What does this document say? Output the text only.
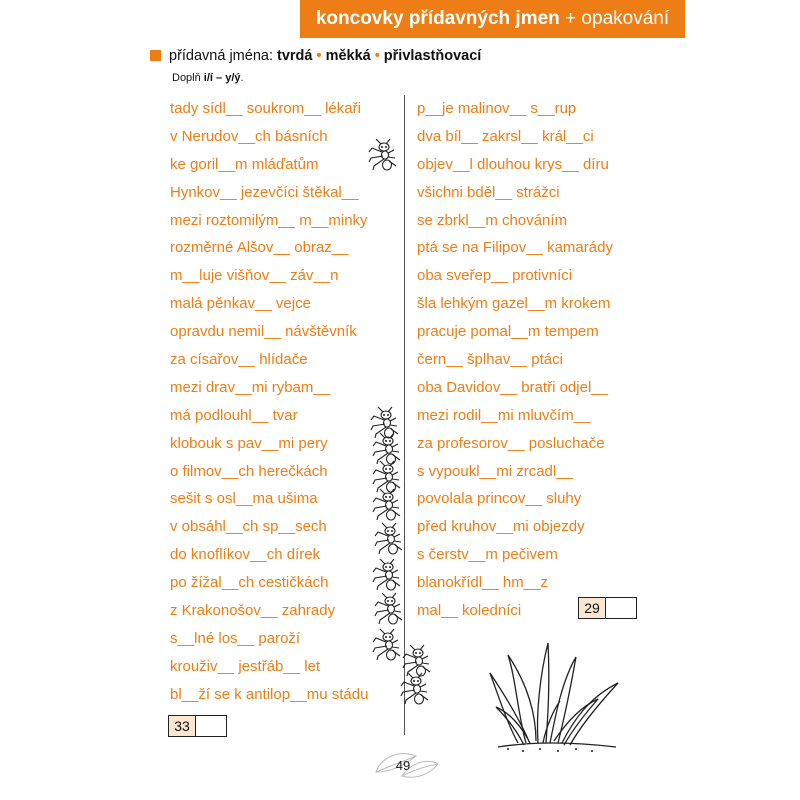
koncovky přídavných jmen + opakování
přídavná jména: tvrdá • měkká • přivlastňovací
Doplň i/í – y/ý.
tady sídl__ soukrom__ lékaři
v Nerudov__ch básních
ke goril__m mláďatům
Hynkov__ jezevčíci štěkal__
mezi roztomilým__ m__minky
rozměrné Alšov__ obraz__
m__luje višňov__ záv__n
malá pěnkav__ vejce
opravdu nemil__ návštěvník
za císařov__ hlídače
mezi drav__mi rybam__
má podlouhl__ tvar
klobouk s pav__mi pery
o filmov__ch herečkách
sešit s osl__ma ušima
v obsáhl__ch sp__sech
do knoflíkov__ch dírek
po žížal__ch cestičkách
z Krakonošov__ zahrady
s__lné los__ paroží
krouživ__ jestřáb__ let
bl__ží se k antilop__mu stádu
p__je malinov__ s__rup
dva bíl__ zakrsl__ král__ci
objev__l dlouhou krys__ díru
všichni bděl__ strážci
se zbrkl__m chováním
ptá se na Filipov__ kamarády
oba sveřep__ protivníci
šla lehkým gazel__m krokem
pracuje pomal__m tempem
čern__ šplhav__ ptáci
oba Davidov__ bratři odjel__
mezi rodil__mi mluvčím__
za profesorov__ posluchače
s vypoukl__mi zrcadl__
povolala princov__ sluhy
před kruhov__mi objezdy
s čerstv__m pečivem
blanokřídl__ hm__z
mal__ koledníci	29
33
49
